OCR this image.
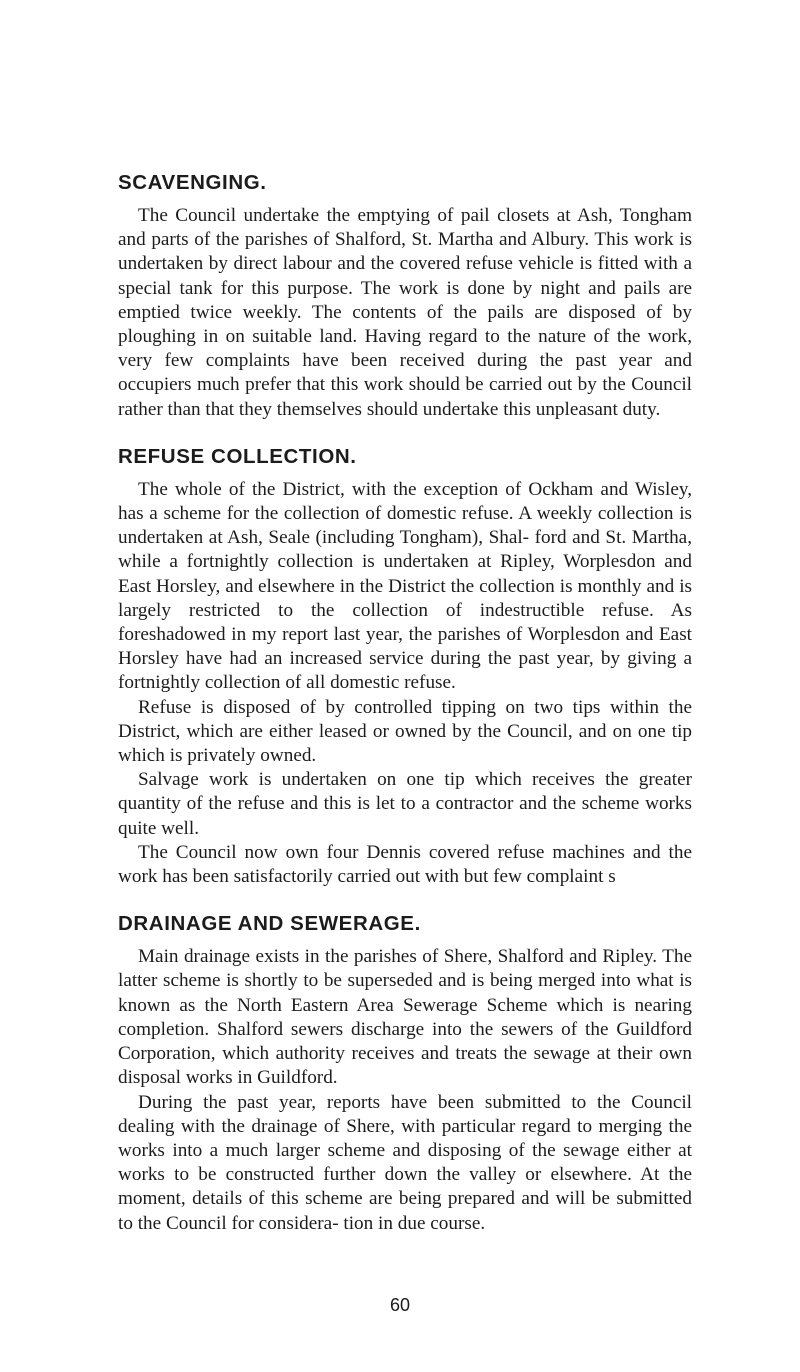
SCAVENGING.

The Council undertake the emptying of pail closets at Ash, Tongham and parts of the parishes of Shalford, St. Martha and Albury. This work is undertaken by direct labour and the covered refuse vehicle is fitted with a special tank for this purpose. The work is done by night and pails are emptied twice weekly. The contents of the pails are disposed of by ploughing in on suitable land. Having regard to the nature of the work, very few complaints have been received during the past year and occupiers much prefer that this work should be carried out by the Council rather than that they themselves should undertake this unpleasant duty.

REFUSE COLLECTION.

The whole of the District, with the exception of Ockham and Wisley, has a scheme for the collection of domestic refuse. A weekly collection is undertaken at Ash, Seale (including Tongham), Shal- ford and St. Martha, while a fortnightly collection is undertaken at Ripley, Worplesdon and East Horsley, and elsewhere in the District the collection is monthly and is largely restricted to the collection of indestructible refuse. As foreshadowed in my report last year, the parishes of Worplesdon and East Horsley have had an increased service during the past year, by giving a fortnightly collection of all domestic refuse.

Refuse is disposed of by controlled tipping on two tips within the District, which are either leased or owned by the Council, and on one tip which is privately owned.

Salvage work is undertaken on one tip which receives the greater quantity of the refuse and this is let to a contractor and the scheme works quite well.

The Council now own four Dennis covered refuse machines and the work has been satisfactorily carried out with but few complaint s

DRAINAGE AND SEWERAGE.

Main drainage exists in the parishes of Shere, Shalford and Ripley. The latter scheme is shortly to be superseded and is being merged into what is known as the North Eastern Area Sewerage Scheme which is nearing completion. Shalford sewers discharge into the sewers of the Guildford Corporation, which authority receives and treats the sewage at their own disposal works in Guildford.

During the past year, reports have been submitted to the Council dealing with the drainage of Shere, with particular regard to merging the works into a much larger scheme and disposing of the sewage either at works to be constructed further down the valley or elsewhere. At the moment, details of this scheme are being prepared and will be submitted to the Council for considera- tion in due course.

60
